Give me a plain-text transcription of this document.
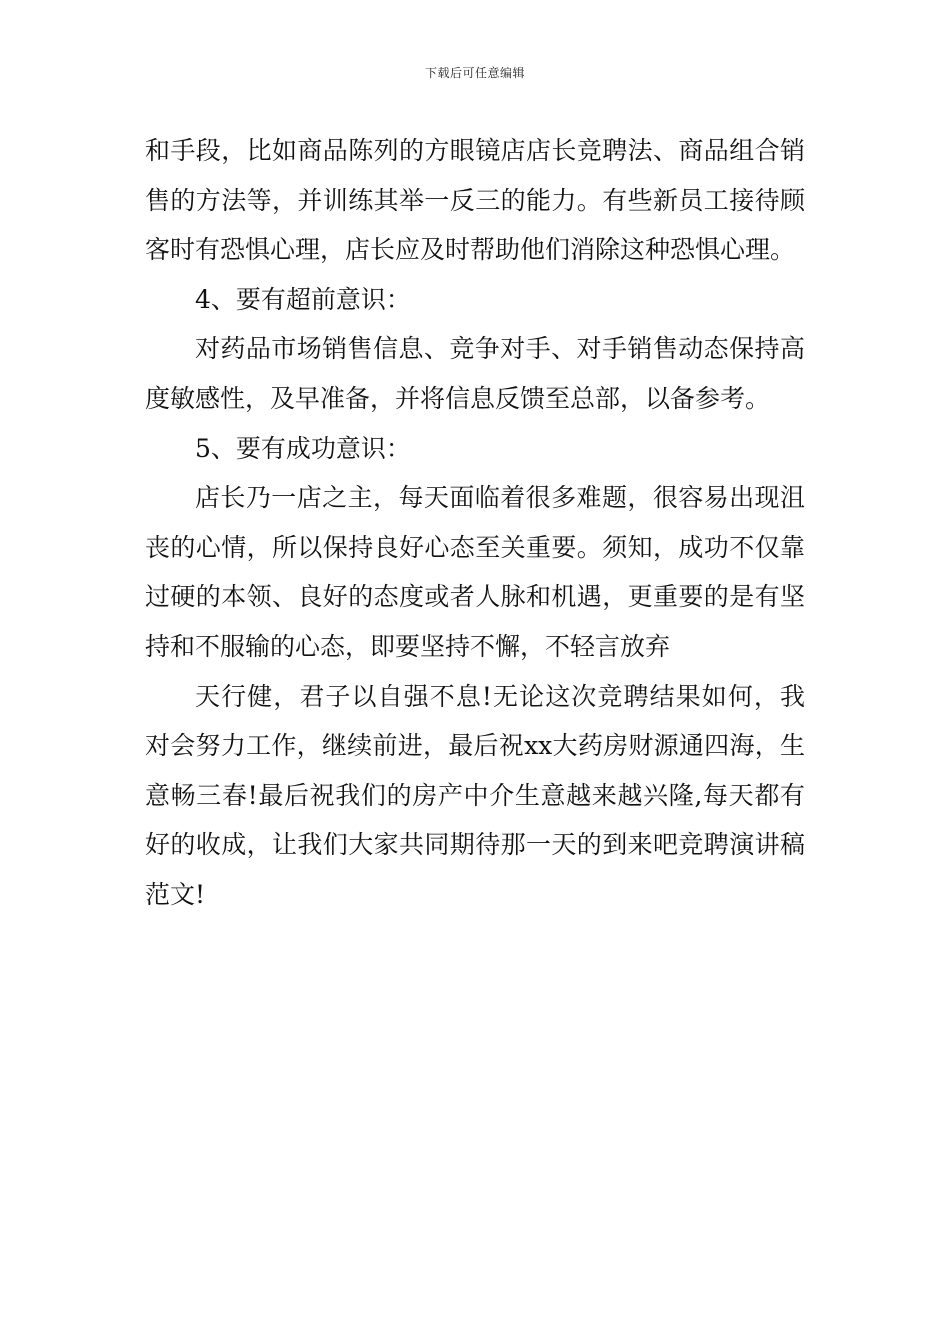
下载后可任意编辑

和手段，比如商品陈列的方眼镜店店长竞聘法、商品组合销售的方法等，并训练其举一反三的能力。有些新员工接待顾客时有恐惧心理，店长应及时帮助他们消除这种恐惧心理。

4、要有超前意识：

对药品市场销售信息、竞争对手、对手销售动态保持高度敏感性，及早准备，并将信息反馈至总部，以备参考。

5、要有成功意识：

店长乃一店之主，每天面临着很多难题，很容易出现沮丧的心情，所以保持良好心态至关重要。须知，成功不仅靠过硬的本领、良好的态度或者人脉和机遇，更重要的是有坚持和不服输的心态，即要坚持不懈，不轻言放弃

天行健，君子以自强不息!无论这次竞聘结果如何，我对会努力工作，继续前进，最后祝xx大药房财源通四海，生意畅三春!最后祝我们的房产中介生意越来越兴隆,每天都有好的收成，让我们大家共同期待那一天的到来吧竞聘演讲稿范文!
